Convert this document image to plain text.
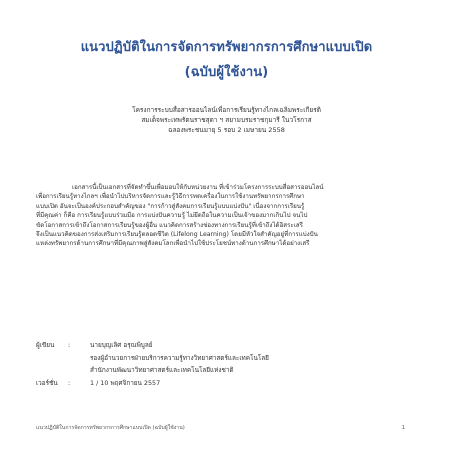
แนวปฏิบัติในการจัดการทรัพยากรการศึกษาแบบเปิด
(ฉบับผู้ใช้งาน)
โครงการระบบสื่อสารออนไลน์เพื่อการเรียนรู้ทางไกลเฉลิมพระเกียรติ
สมเด็จพระเทพรัตนราชสุดา ฯ สยามบรมราชกุมารี ในวโรกาส
ฉลองพระชนมายุ 5 รอบ 2 เมษายน 2558

เอกสารนี้เป็นเอกสารที่จัดทำขึ้นเพื่อมอบให้กับหน่วยงาน ที่เข้าร่วมโครงการระบบสื่อสารออนไลน์

เพื่อการเรียนรู้ทางไกลฯ เพื่อนำไปบริหารจัดการและรู้วิธีการทดเครื่องในการใช้งานทรัพยากรการศึกษา
แบบเปิด อันจะเป็นองค์ประกอบสำคัญของ "การก้าวสู่สังคมการเรียนรู้แบบแบ่งปัน" เนื่องจากการเรียนรู้
ที่มีคุณค่า ก็คือ การเรียนรู้แบบร่วมมือ การแบ่งปันความรู้ ไม่ยึดถือในความเป็นเจ้าของมากเกินไป จนไป
ขัดโอกาสการเข้าถึงโอกาสการเรียนรู้ของผู้อื่น แนวคิดการสร้างช่องทางการเรียนรู้ที่เข้าถึงได้อิสระเสรี
จึงเป็นแนวคิดของการส่งเสริมการเรียนรู้ตลอดชีวิต (Lifelong Learning) โดยมีหัวใจสำคัญอยู่ที่การแบ่งปัน
แหล่งทรัพยากรด้านการศึกษาที่มีคุณภาพสู่สังคมโลกเพื่อนำไปใช้ประโยชน์ทางด้านการศึกษาได้อย่างเสรี
ผู้เขียน	:	นายบุญเลิศ อรุณพิบูลย์
รองผู้อำนวยการฝ่ายบริการความรู้ทางวิทยาศาสตร์และเทคโนโลยี
สำนักงานพัฒนาวิทยาศาสตร์และเทคโนโลยีแห่งชาติ
เวอร์ชั่น	:	1 / 10 พฤศจิกายน 2557
แนวปฏิบัติในการจัดการทรัพยากรการศึกษาแบบเปิด (ฉบับผู้ใช้งาน)	1
